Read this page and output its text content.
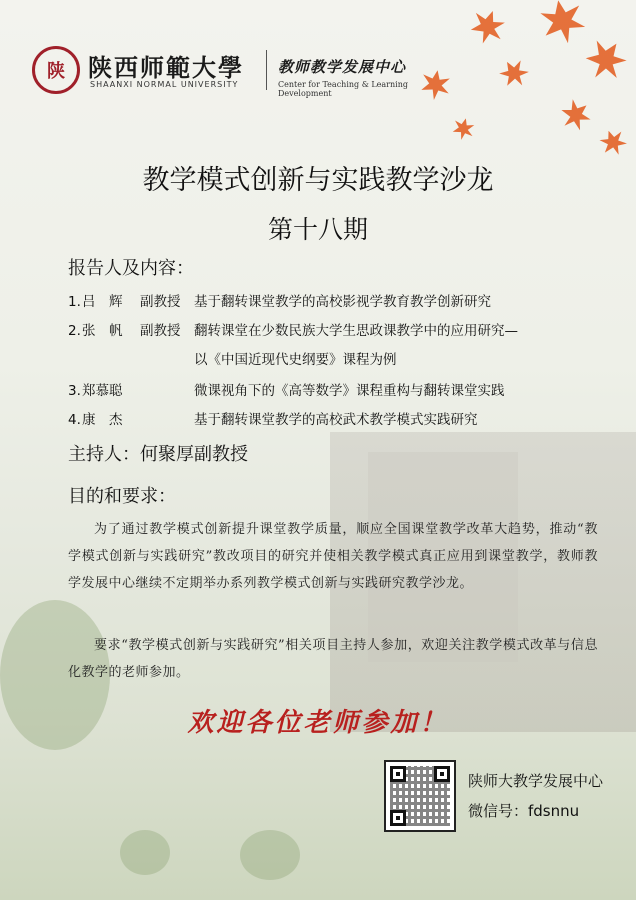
陕 陕西师範大學
SHAANXI NORMAL UNIVERSITY
教师教学发展中心
Center for Teaching & Learning Development
教学模式创新与实践教学沙龙
第十八期
报告人及内容：
1.吕　辉 副教授 基于翻转课堂教学的高校影视学教育教学创新研究
2.张　帆 副教授 翻转课堂在少数民族大学生思政课教学中的应用研究—
以《中国近现代史纲要》课程为例
3.郑慕聪	微课视角下的《高等数学》课程重构与翻转课堂实践
4.康　杰	基于翻转课堂教学的高校武术教学模式实践研究
主持人：何聚厚副教授
目的和要求：
为了通过教学模式创新提升课堂教学质量，顺应全国课堂教学改革大趋势，推动“教学模式创新与实践研究”教改项目的研究并使相关教学模式真正应用到课堂教学，教师教学发展中心继续不定期举办系列教学模式创新与实践研究教学沙龙。
要求“教学模式创新与实践研究”相关项目主持人参加，欢迎关注教学模式改革与信息化教学的老师参加。
欢迎各位老师参加！
陕师大教学发展中心
微信号：fdsnnu
